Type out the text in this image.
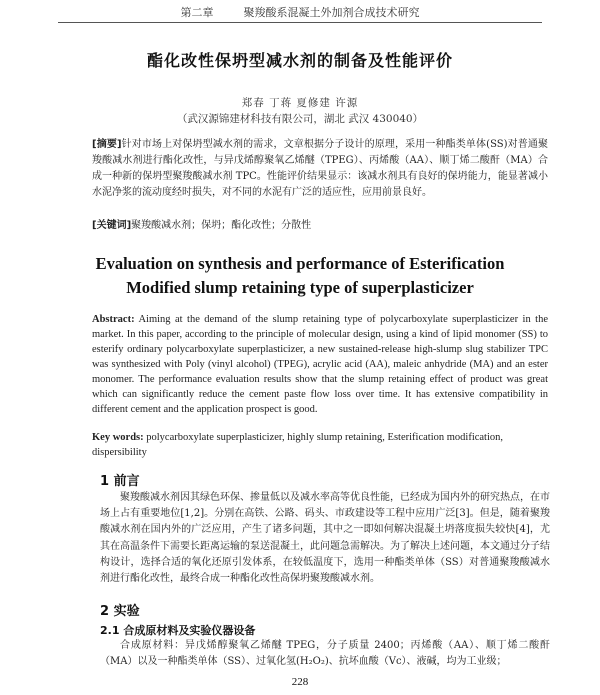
第二章	聚羧酸系混凝土外加剂合成技术研究
酯化改性保坍型减水剂的制备及性能评价
郑春 丁蒋 夏修建 许源
（武汉源锦建材科技有限公司，湖北 武汉 430040）
[摘要]针对市场上对保坍型减水剂的需求，文章根据分子设计的原理，采用一种酯类单体(SS)对普通聚羧酸减水剂进行酯化改性，与异戊烯醇聚氧乙烯醚（TPEG）、丙烯酸（AA）、顺丁烯二酸酐（MA）合成一种新的保坍型聚羧酸减水剂 TPC。性能评价结果显示：该减水剂具有良好的保坍能力，能显著减小水泥净浆的流动度经时损失，对不同的水泥有广泛的适应性，应用前景良好。
[关键词]聚羧酸减水剂；保坍；酯化改性；分散性
Evaluation on synthesis and performance of Esterification
Modified slump retaining type of superplasticizer
Abstract: Aiming at the demand of the slump retaining type of polycarboxylate superplasticizer in the market. In this paper, according to the principle of molecular design, using a kind of lipid monomer (SS) to esterify ordinary polycarboxylate superplasticizer, a new sustained-release high-slump slug stabilizer TPC was synthesized with Poly (vinyl alcohol) (TPEG), acrylic acid (AA), maleic anhydride (MA) and an ester monomer. The performance evaluation results show that the slump retaining effect of product was great which can significantly reduce the cement paste flow loss over time. It has extensive compatibility in different cement and the application prospect is good.
Key words: polycarboxylate superplasticizer, highly slump retaining, Esterification modification, dispersibility
1 前言
聚羧酸减水剂因其绿色环保、掺量低以及减水率高等优良性能，已经成为国内外的研究热点，在市场上占有重要地位[1,2]。分别在高铁、公路、码头、市政建设等工程中应用广泛[3]。但是，随着聚羧酸减水剂在国内外的广泛应用，产生了诸多问题，其中之一即如何解决混凝土坍落度损失较快[4]，尤其在高温条件下需要长距离运输的泵送混凝土，此问题急需解决。为了解决上述问题，本文通过分子结构设计，选择合适的氧化还原引发体系，在较低温度下，选用一种酯类单体（SS）对普通聚羧酸减水剂进行酯化改性，最终合成一种酯化改性高保坍聚羧酸减水剂。
2 实验
2.1 合成原材料及实验仪器设备
合成原材料：异戊烯醇聚氧乙烯醚 TPEG，分子质量 2400；丙烯酸（AA）、顺丁烯二酸酐（MA）以及一种酯类单体（SS）、过氧化氢(H₂O₂)、抗坏血酸（Vc）、液碱，均为工业级；
228
